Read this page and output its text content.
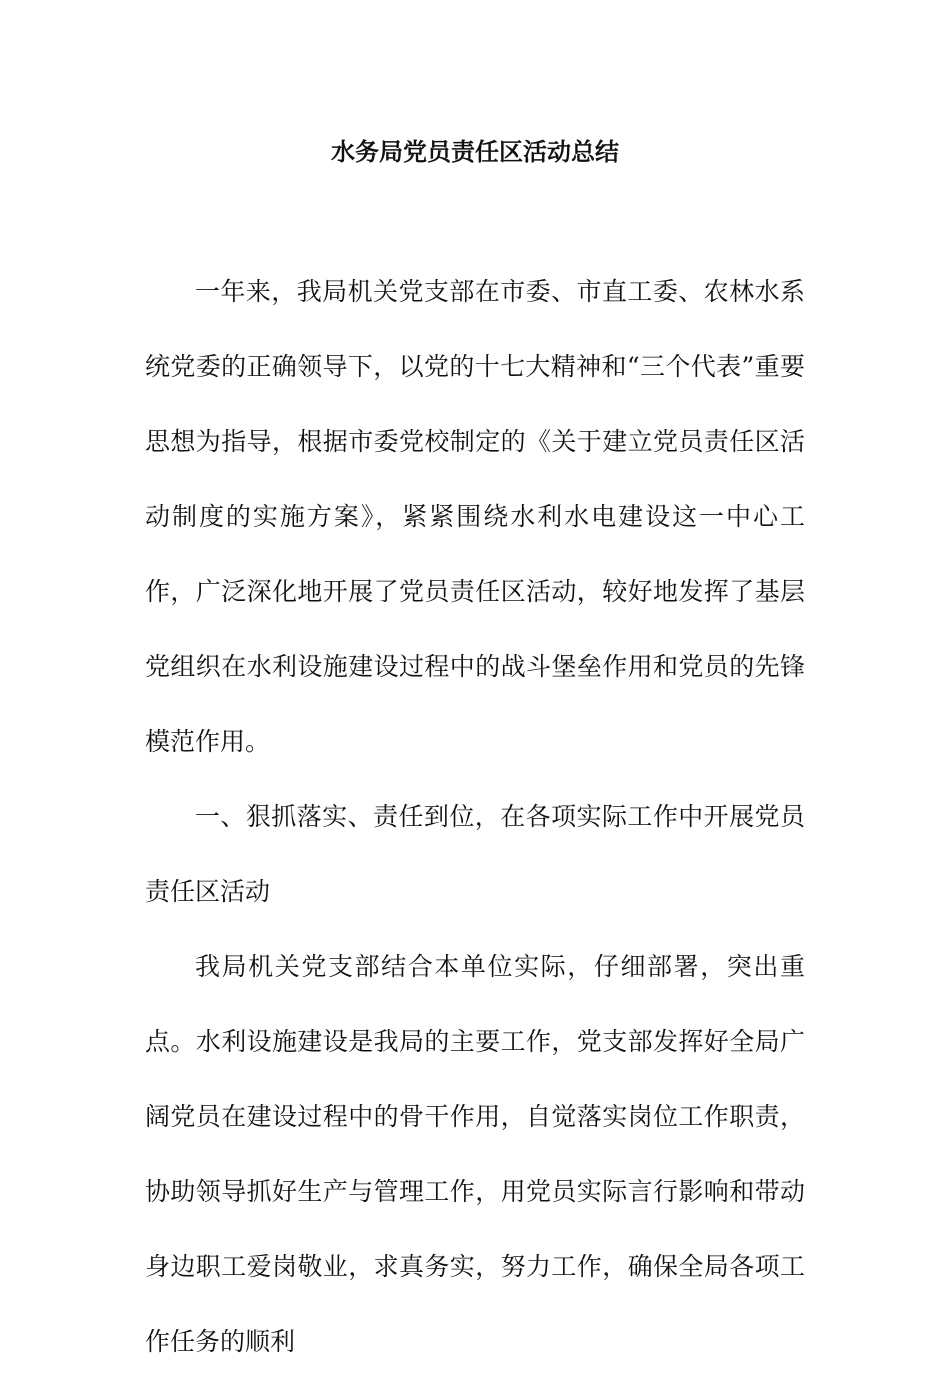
水务局党员责任区活动总结

一年来，我局机关党支部在市委、市直工委、农林水系统党委的正确领导下，以党的十七大精神和“三个代表”重要思想为指导，根据市委党校制定的《关于建立党员责任区活动制度的实施方案》，紧紧围绕水利水电建设这一中心工作，广泛深化地开展了党员责任区活动，较好地发挥了基层党组织在水利设施建设过程中的战斗堡垒作用和党员的先锋模范作用。

一、狠抓落实、责任到位，在各项实际工作中开展党员责任区活动

我局机关党支部结合本单位实际，仔细部署，突出重点。水利设施建设是我局的主要工作，党支部发挥好全局广阔党员在建设过程中的骨干作用，自觉落实岗位工作职责，协助领导抓好生产与管理工作，用党员实际言行影响和带动身边职工爱岗敬业，求真务实，努力工作，确保全局各项工作任务的顺利
